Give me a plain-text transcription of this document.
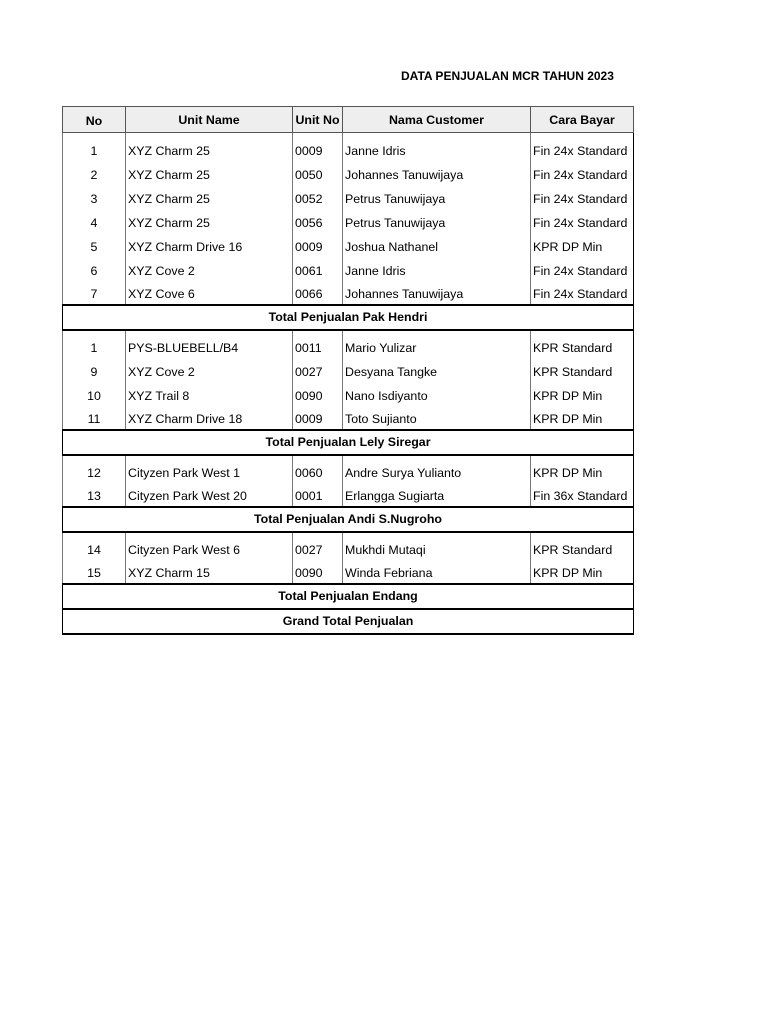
DATA PENJUALAN MCR TAHUN 2023
No	Unit Name	Unit No	Nama Customer	Cara Bayar

1	XYZ Charm 25	0009	Janne Idris	Fin 24x Standard
2	XYZ Charm 25	0050	Johannes Tanuwijaya	Fin 24x Standard
3	XYZ Charm 25	0052	Petrus Tanuwijaya	Fin 24x Standard
4	XYZ Charm 25	0056	Petrus Tanuwijaya	Fin 24x Standard
5	XYZ Charm Drive 16	0009	Joshua Nathanel	KPR DP Min
6	XYZ Cove 2	0061	Janne Idris	Fin 24x Standard
7	XYZ Cove 6	0066	Johannes Tanuwijaya	Fin 24x Standard
Total Penjualan Pak Hendri				

1	PYS-BLUEBELL/B4	0011	Mario Yulizar	KPR Standard
9	XYZ Cove 2	0027	Desyana Tangke	KPR Standard
10	XYZ Trail 8	0090	Nano Isdiyanto	KPR DP Min
11	XYZ Charm Drive 18	0009	Toto Sujianto	KPR DP Min
Total Penjualan Lely Siregar				

12	Cityzen Park West 1	0060	Andre Surya Yulianto	KPR DP Min
13	Cityzen Park West 20	0001	Erlangga Sugiarta	Fin 36x Standard
Total Penjualan Andi S.Nugroho				

14	Cityzen Park West 6	0027	Mukhdi Mutaqi	KPR Standard
15	XYZ Charm 15	0090	Winda Febriana	KPR DP Min
Total Penjualan Endang				
Grand Total Penjualan				
